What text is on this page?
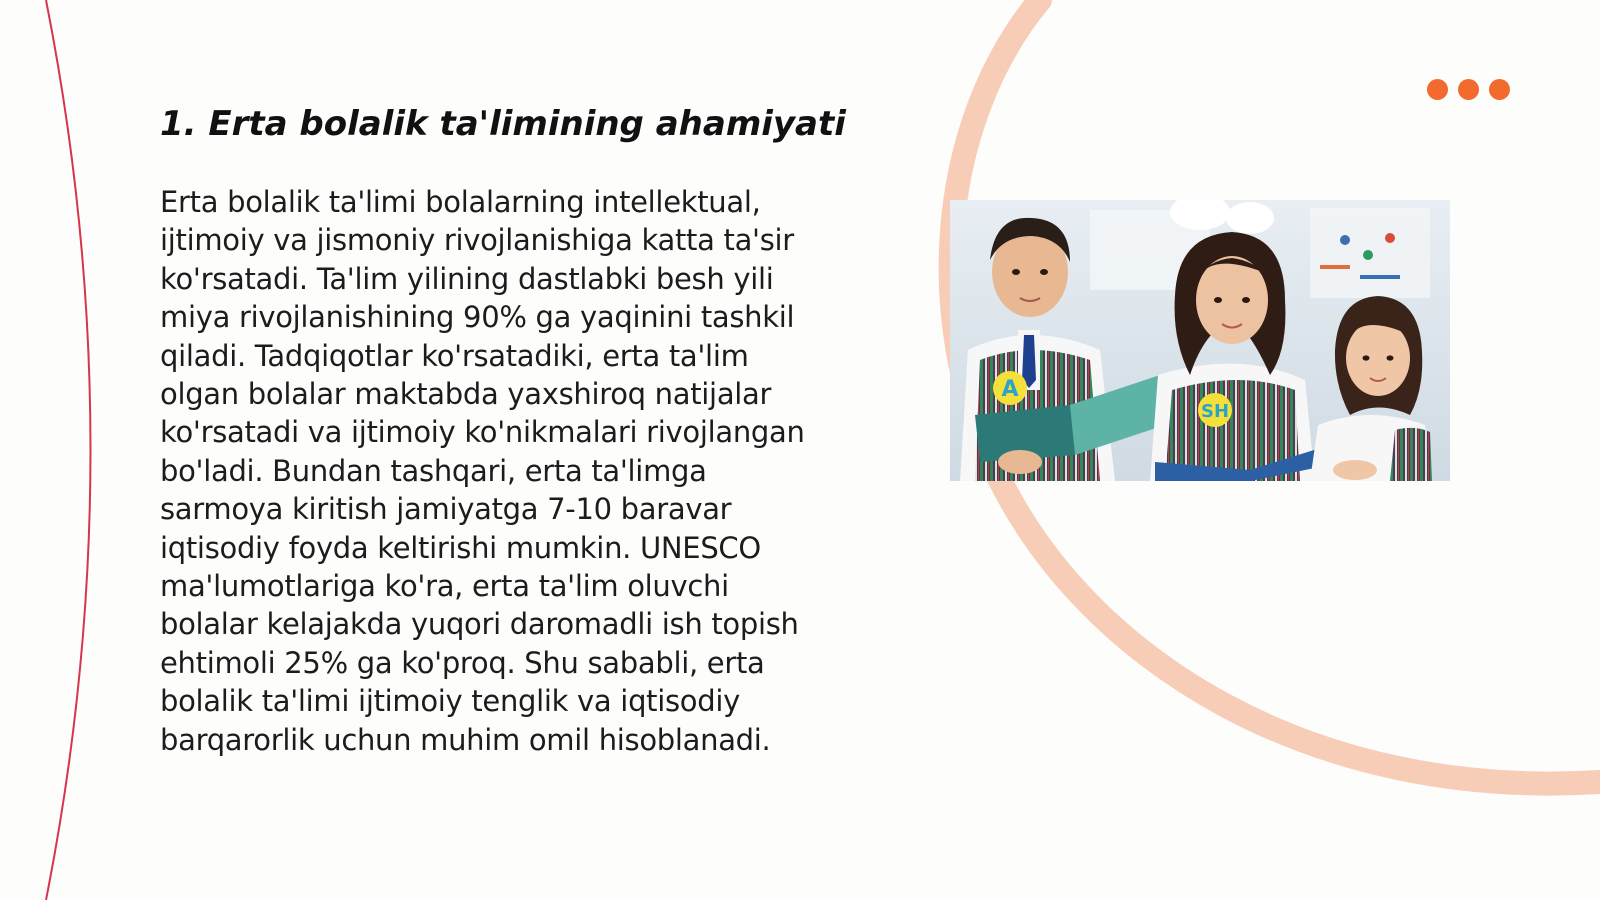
1. Erta bolalik ta'limining ahamiyati

Erta bolalik ta'limi bolalarning intellektual,
ijtimoiy va jismoniy rivojlanishiga katta ta'sir
ko'rsatadi. Ta'lim yilining dastlabki besh yili
miya rivojlanishining 90% ga yaqinini tashkil
qiladi. Tadqiqotlar ko'rsatadiki, erta ta'lim
olgan bolalar maktabda yaxshiroq natijalar
ko'rsatadi va ijtimoiy ko'nikmalari rivojlangan
bo'ladi. Bundan tashqari, erta ta'limga
sarmoya kiritish jamiyatga 7-10 baravar
iqtisodiy foyda keltirishi mumkin. UNESCO
ma'lumotlariga ko'ra, erta ta'lim oluvchi
bolalar kelajakda yuqori daromadli ish topish
ehtimoli 25% ga ko'proq. Shu sababli, erta
bolalik ta'limi ijtimoiy tenglik va iqtisodiy
barqarorlik uchun muhim omil hisoblanadi.

A
SH
